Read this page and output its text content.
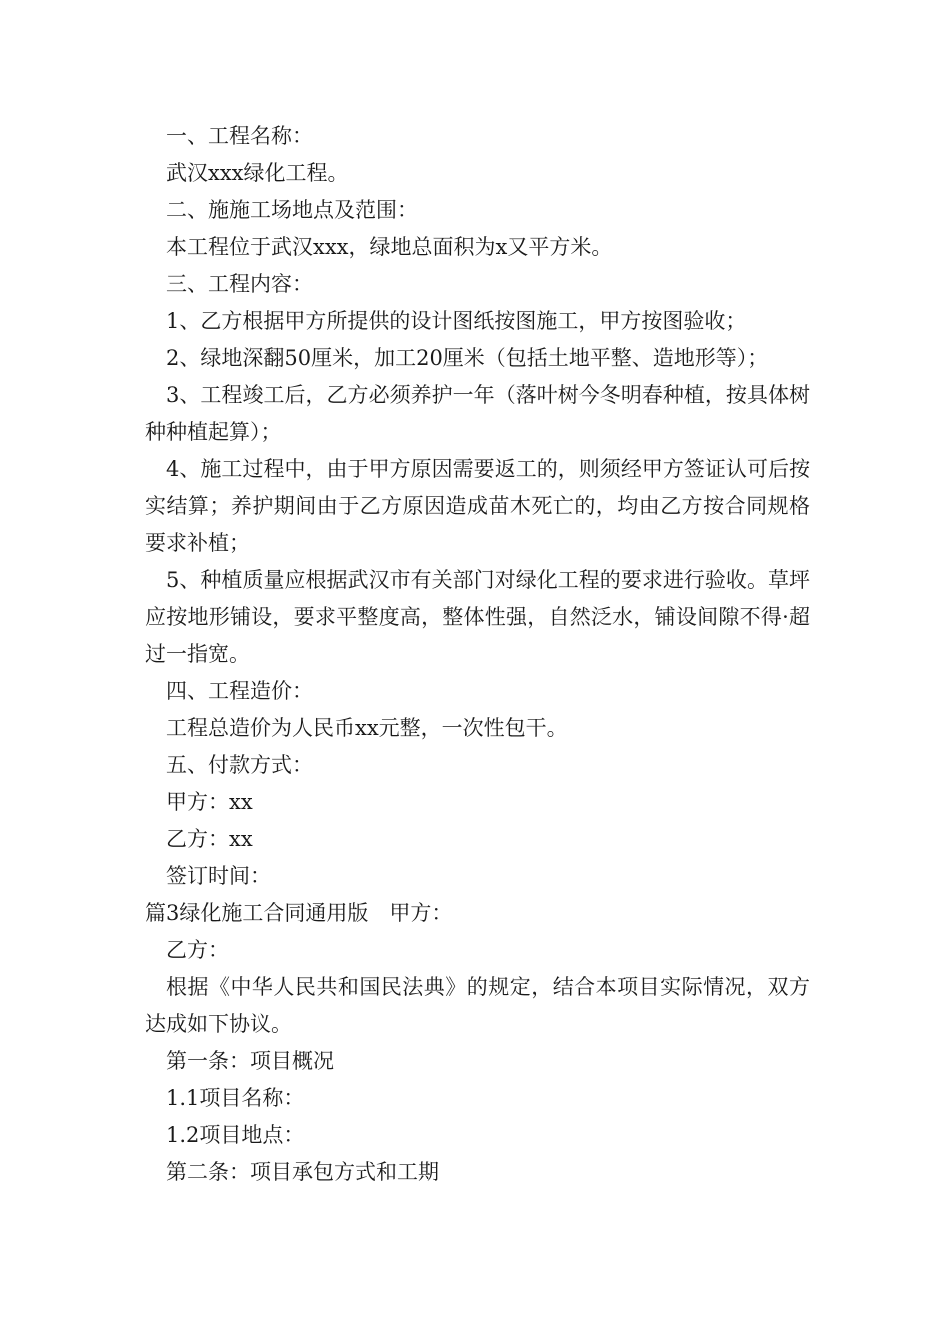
一、工程名称：

武汉xxx绿化工程。

二、施施工场地点及范围：

本工程位于武汉xxx，绿地总面积为x又平方米。

三、工程内容：

1、乙方根据甲方所提供的设计图纸按图施工，甲方按图验收；

2、绿地深翻50厘米，加工20厘米（包括土地平整、造地形等）；

3、工程竣工后，乙方必须养护一年（落叶树今冬明春种植，按具体树种种植起算）；

4、施工过程中，由于甲方原因需要返工的，则须经甲方签证认可后按实结算；养护期间由于乙方原因造成苗木死亡的，均由乙方按合同规格要求补植；

5、种植质量应根据武汉市有关部门对绿化工程的要求进行验收。草坪应按地形铺设，要求平整度高，整体性强，自然泛水，铺设间隙不得·超过一指宽。

四、工程造价：

工程总造价为人民币xx元整，一次性包干。

五、付款方式：

甲方：xx

乙方：xx

签订时间：

篇3绿化施工合同通用版　甲方：

乙方：

根据《中华人民共和国民法典》的规定，结合本项目实际情况，双方达成如下协议。

第一条：项目概况

1.1项目名称：

1.2项目地点：

第二条：项目承包方式和工期
